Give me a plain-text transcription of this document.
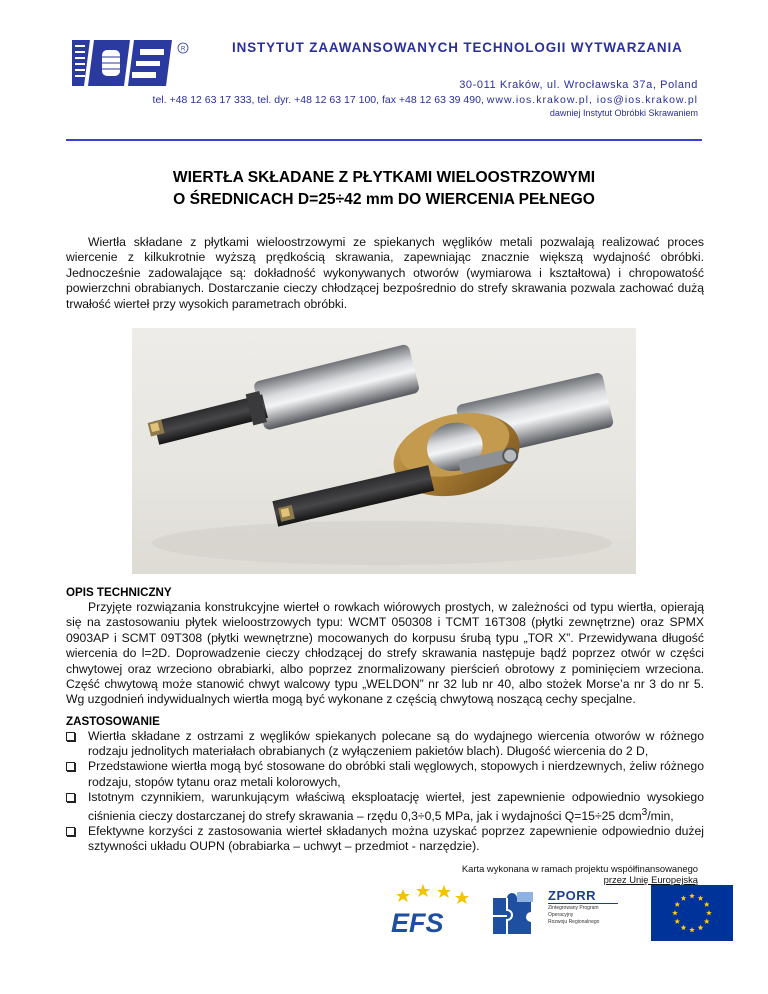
R	INSTYTUT ZAAWANSOWANYCH TECHNOLOGII WYTWARZANIA
30-011 Kraków, ul. Wrocławska 37a, Poland
tel. +48 12 63 17 333, tel. dyr. +48 12 63 17 100, fax +48 12 63 39 490, www.ios.krakow.pl, ios@ios.krakow.pl
dawniej Instytut Obróbki Skrawaniem
WIERTŁA SKŁADANE Z PŁYTKAMI WIELOOSTRZOWYMI
O ŚREDNICACH D=25÷42 mm DO WIERCENIA PEŁNEGO
Wiertła składane z płytkami wieloostrzowymi ze spiekanych węglików metali pozwalają realizować proces wiercenie z kilkukrotnie wyższą prędkością skrawania, zapewniając znacznie większą wydajność obróbki. Jednocześnie zadowalające są: dokładność wykonywanych otworów (wymiarowa i kształtowa) i chropowatość powierzchni obrabianych. Dostarczanie cieczy chłodzącej bezpośrednio do strefy skrawania pozwala zachować dużą trwałość wierteł przy wysokich parametrach obróbki.
OPIS TECHNICZNY
Przyjęte rozwiązania konstrukcyjne wierteł o rowkach wiórowych prostych, w zależności od typu wiertła, opierają się na zastosowaniu płytek wieloostrzowych typu: WCMT 050308 i TCMT 16T308 (płytki zewnętrzne) oraz SPMX 0903AP i SCMT 09T308 (płytki wewnętrzne) mocowanych do korpusu śrubą typu „TOR X”. Przewidywana długość wiercenia do l=2D. Doprowadzenie cieczy chłodzącej do strefy skrawania następuje bądź poprzez otwór w części chwytowej oraz wrzeciono obrabiarki, albo poprzez znormalizowany pierścień obrotowy z pominięciem wrzeciona. Część chwytową może stanowić chwyt walcowy typu „WELDON” nr 32 lub nr 40, albo stożek Morse’a nr 3 do nr 5. Wg uzgodnień indywidualnych wiertła mogą być wykonane z częścią chwytową noszącą cechy specjalne.
ZASTOSOWANIE
Wiertła składane z ostrzami z węglików spiekanych polecane są do wydajnego wiercenia otworów w różnego rodzaju jednolitych materiałach obrabianych (z wyłączeniem pakietów blach). Długość wiercenia do 2 D,
Przedstawione wiertła mogą być stosowane do obróbki stali węglowych, stopowych i nierdzewnych, żeliw różnego rodzaju, stopów tytanu oraz metali kolorowych,
Istotnym czynnikiem, warunkującym właściwą eksploatację wierteł, jest zapewnienie odpowiednio wysokiego ciśnienia cieczy dostarczanej do strefy skrawania – rzędu 0,3÷0,5 MPa, jak i wydajności Q=15÷25 dcm$^3$/min,
Efektywne korzyści z zastosowania wierteł składanych można uzyskać poprzez zapewnienie odpowiednio dużej sztywności układu OUPN (obrabiarka – uchwyt – przedmiot - narzędzie).
Karta wykonana w ramach projektu współfinansowanego
przez Unię Europejską
EFS
ZPORR
Zintegrowany Program
Operacyjny
Rozwoju Regionalnego
